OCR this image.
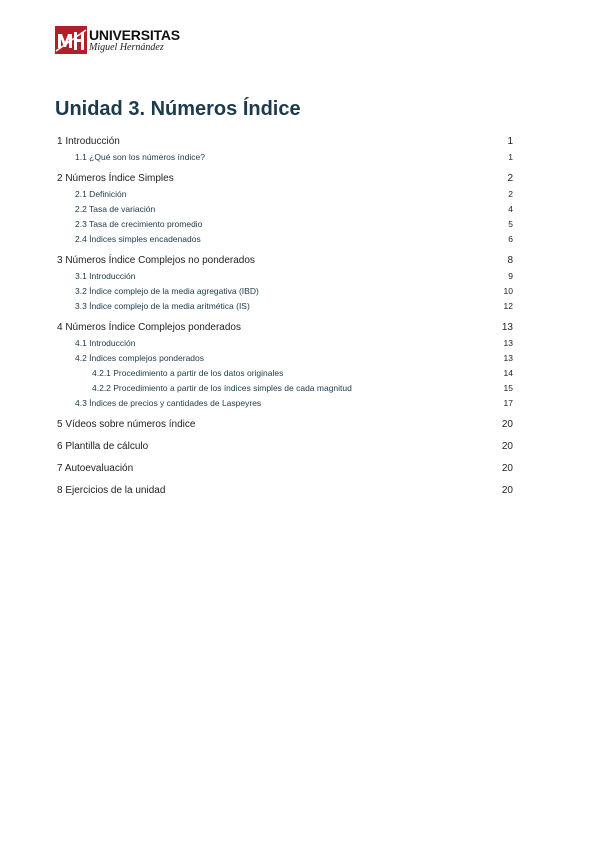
UNIVERSITAS
Miguel Hernández
Unidad 3. Números Índice
1 Introducción	1
1.1 ¿Qué son los números índice?	1
2 Números Índice Simples	2
2.1 Definición	2
2.2 Tasa de variación	4
2.3 Tasa de crecimiento promedio	5
2.4 Índices simples encadenados	6
3 Números Índice Complejos no ponderados	8
3.1 Introducción	9
3.2 Índice complejo de la media agregativa (IBD)	10
3.3 Índice complejo de la media aritmética (IS)	12
4 Números Índice Complejos ponderados	13
4.1 Introducción	13
4.2 Índices complejos ponderados	13
4.2.1 Procedimiento a partir de los datos originales	14
4.2.2 Procedimiento a partir de los índices simples de cada magnitud	15
4.3 Índices de precios y cantidades de Laspeyres	17
5 Vídeos sobre números índice	20
6 Plantilla de cálculo	20
7 Autoevaluación	20
8 Ejercicios de la unidad	20
